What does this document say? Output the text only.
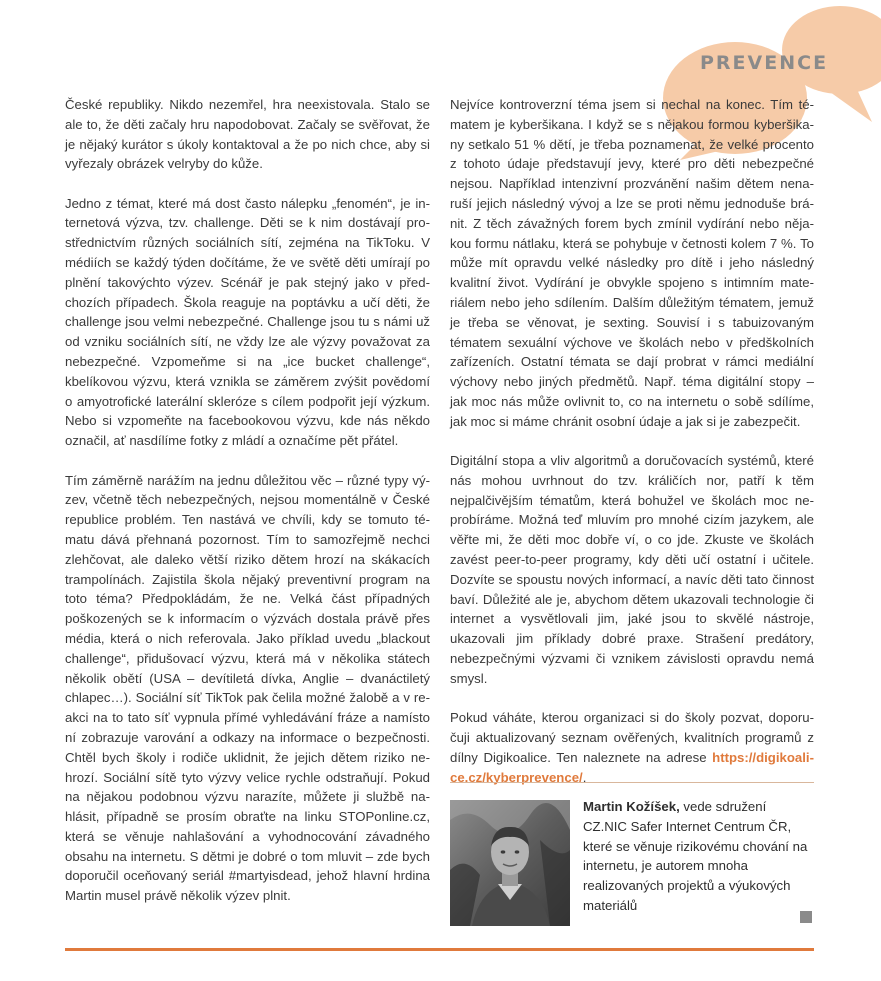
PREVENCE

České republiky. Nikdo nezemřel, hra neexistovala. Stalo se ale to, že děti začaly hru napodobovat. Začaly se svěřovat, že je nějaký kurátor s úkoly kontaktoval a že po nich chce, aby si vyřezaly obrázek velryby do kůže.

Jedno z témat, které má dost často nálepku „fenomén“, je internetová výzva, tzv. challenge. Děti se k nim dostávají prostřednictvím různých sociálních sítí, zejména na TikToku. V médiích se každý týden dočítáme, že ve světě děti umírají po plnění takovýchto výzev. Scénář je pak stejný jako v předchozích případech. Škola reaguje na poptávku a učí děti, že challenge jsou velmi nebezpečné. Challenge jsou tu s námi už od vzniku sociálních sítí, ne vždy lze ale výzvy považovat za nebezpečné. Vzpomeňme si na „ice bucket challenge“, kbelíkovou výzvu, která vznikla se záměrem zvýšit povědomí o amyotrofické laterální skleróze s cílem podpořit její výzkum. Nebo si vzpomeňte na facebookovou výzvu, kde nás někdo označil, ať nasdílíme fotky z mládí a označíme pět přátel.

Tím záměrně narážím na jednu důležitou věc – různé typy výzev, včetně těch nebezpečných, nejsou momentálně v České republice problém. Ten nastává ve chvíli, kdy se tomuto tématu dává přehnaná pozornost. Tím to samozřejmě nechci zlehčovat, ale daleko větší riziko dětem hrozí na skákacích trampolínách. Zajistila škola nějaký preventivní program na toto téma? Předpokládám, že ne. Velká část případných poškozených se k informacím o výzvách dostala právě přes média, která o nich referovala. Jako příklad uvedu „blackout challenge“, přidušovací výzvu, která má v několika státech několik obětí (USA – devítiletá dívka, Anglie – dvanáctiletý chlapec…). Sociální síť TikTok pak čelila možné žalobě a v reakci na to tato síť vypnula přímé vyhledávání fráze a namísto ní zobrazuje varování a odkazy na informace o bezpečnosti. Chtěl bych školy i rodiče uklidnit, že jejich dětem riziko nehrozí. Sociální sítě tyto výzvy velice rychle odstraňují. Pokud na nějakou podobnou výzvu narazíte, můžete ji službě nahlásit, případně se prosím obraťte na linku STOPonline.cz, která se věnuje nahlašování a vyhodnocování závadného obsahu na internetu. S dětmi je dobré o tom mluvit – zde bych doporučil oceňovaný seriál #martyisdead, jehož hlavní hrdina Martin musel právě několik výzev plnit.

Nejvíce kontroverzní téma jsem si nechal na konec. Tím tématem je kyberšikana. I když se s nějakou formou kyberšikany setkalo 51 % dětí, je třeba poznamenat, že velké procento z tohoto údaje představují jevy, které pro děti nebezpečné nejsou. Například intenzivní prozvánění našim dětem nenaruší jejich následný vývoj a lze se proti němu jednoduše bránit. Z těch závažných forem bych zmínil vydírání nebo nějakou formu nátlaku, která se pohybuje v četnosti kolem 7 %. To může mít opravdu velké následky pro dítě i jeho následný kvalitní život. Vydírání je obvykle spojeno s intimním materiálem nebo jeho sdílením. Dalším důležitým tématem, jemuž je třeba se věnovat, je sexting. Souvisí i s tabuizovaným tématem sexuální výchove ve školách nebo v předškolních zařízeních. Ostatní témata se dají probrat v rámci mediální výchovy nebo jiných předmětů. Např. téma digitální stopy – jak moc nás může ovlivnit to, co na internetu o sobě sdílíme, jak moc si máme chránit osobní údaje a jak si je zabezpečit.

Digitální stopa a vliv algoritmů a doručovacích systémů, které nás mohou uvrhnout do tzv. králičích nor, patří k těm nejpalčivějším tématům, která bohužel ve školách moc neprobíráme. Možná teď mluvím pro mnohé cizím jazykem, ale věřte mi, že děti moc dobře ví, o co jde. Zkuste ve školách zavést peer-to-peer programy, kdy děti učí ostatní i učitele. Dozvíte se spoustu nových informací, a navíc děti tato činnost baví. Důležité ale je, abychom dětem ukazovali technologie či internet a vysvětlovali jim, jaké jsou to skvělé nástroje, ukazovali jim příklady dobré praxe. Strašení predátory, nebezpečnými výzvami či vznikem závislosti opravdu nemá smysl.

Pokud váháte, kterou organizaci si do školy pozvat, doporučuji aktualizovaný seznam ověřených, kvalitních programů z dílny Digikoalice. Ten naleznete na adrese https://digikoalice.cz/kyberprevence/.

Martin Kožíšek, vede sdružení CZ.NIC Safer Internet Centrum ČR, které se věnuje rizikovému chování na internetu, je autorem mnoha realizovaných projektů a výukových materiálů
